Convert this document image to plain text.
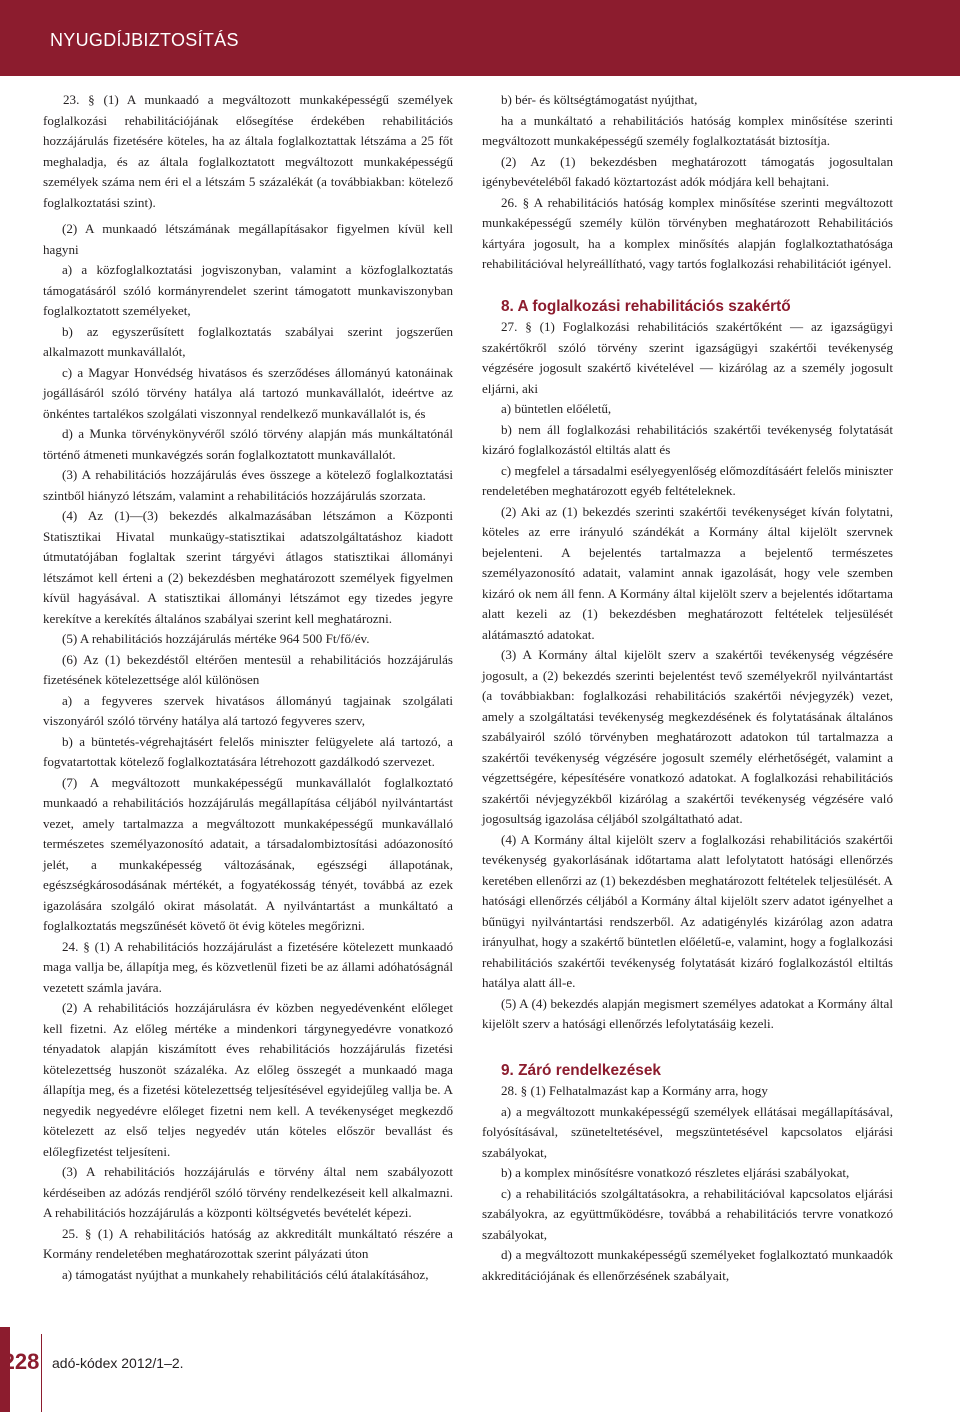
NYUGDÍJBIZTOSÍTÁS

23. § (1) A munkaadó a megváltozott munkaképességű személyek foglalkozási rehabilitációjának elősegítése érdekében rehabilitációs hozzájárulás fizetésére köteles, ha az általa foglalkoztattak létszáma a 25 főt meghaladja, és az általa foglalkoztatott megváltozott munkaképességű személyek száma nem éri el a létszám 5 százalékát (a továbbiakban: kötelező foglalkoztatási szint).

(2) A munkaadó létszámának megállapításakor figyelmen kívül kell hagyni

a) a közfoglalkoztatási jogviszonyban, valamint a közfoglalkoztatás támogatásáról szóló kormányrendelet szerint támogatott munkaviszonyban foglalkoztatott személyeket,

b) az egyszerűsített foglalkoztatás szabályai szerint jogszerűen alkalmazott munkavállalót,

c) a Magyar Honvédség hivatásos és szerződéses állományú katonáinak jogállásáról szóló törvény hatálya alá tartozó munkavállalót, ideértve az önkéntes tartalékos szolgálati viszonnyal rendelkező munkavállalót is, és

d) a Munka törvénykönyvéről szóló törvény alapján más munkáltatónál történő átmeneti munkavégzés során foglalkoztatott munkavállalót.

(3) A rehabilitációs hozzájárulás éves összege a kötelező foglalkoztatási szintből hiányzó létszám, valamint a rehabilitációs hozzájárulás szorzata.

(4) Az (1)—(3) bekezdés alkalmazásában létszámon a Központi Statisztikai Hivatal munkaügy-statisztikai adatszolgáltatáshoz kiadott útmutatójában foglaltak szerint tárgyévi átlagos statisztikai állományi létszámot kell érteni a (2) bekezdésben meghatározott személyek figyelmen kívül hagyásával. A statisztikai állományi létszámot egy tizedes jegyre kerekítve a kerekítés általános szabályai szerint kell meghatározni.

(5) A rehabilitációs hozzájárulás mértéke 964 500 Ft/fő/év.

(6) Az (1) bekezdéstől eltérően mentesül a rehabilitációs hozzájárulás fizetésének kötelezettsége alól különösen

a) a fegyveres szervek hivatásos állományú tagjainak szolgálati viszonyáról szóló törvény hatálya alá tartozó fegyveres szerv,

b) a büntetés-végrehajtásért felelős miniszter felügyelete alá tartozó, a fogvatartottak kötelező foglalkoztatására létrehozott gazdálkodó szervezet.

(7) A megváltozott munkaképességű munkavállalót foglalkoztató munkaadó a rehabilitációs hozzájárulás megállapítása céljából nyilvántartást vezet, amely tartalmazza a megváltozott munkaképességű munkavállaló természetes személyazonosító adatait, a társadalombiztosítási adóazonosító jelét, a munkaképesség változásának, egészségi állapotának, egészségkárosodásának mértékét, a fogyatékosság tényét, továbbá az ezek igazolására szolgáló okirat másolatát. A nyilvántartást a munkáltató a foglalkoztatás megszűnését követő öt évig köteles megőrizni.

24. § (1) A rehabilitációs hozzájárulást a fizetésére kötelezett munkaadó maga vallja be, állapítja meg, és közvetlenül fizeti be az állami adóhatóságnál vezetett számla javára.

(2) A rehabilitációs hozzájárulásra év közben negyedévenként előleget kell fizetni. Az előleg mértéke a mindenkori tárgynegyedévre vonatkozó tényadatok alapján kiszámított éves rehabilitációs hozzájárulás fizetési kötelezettség huszonöt százaléka. Az előleg összegét a munkaadó maga állapítja meg, és a fizetési kötelezettség teljesítésével egyidejűleg vallja be. A negyedik negyedévre előleget fizetni nem kell. A tevékenységet megkezdő kötelezett az első teljes negyedév után köteles először bevallást és előlegfizetést teljesíteni.

(3) A rehabilitációs hozzájárulás e törvény által nem szabályozott kérdéseiben az adózás rendjéről szóló törvény rendelkezéseit kell alkalmazni. A rehabilitációs hozzájárulás a központi költségvetés bevételét képezi.

25. § (1) A rehabilitációs hatóság az akkreditált munkáltató részére a Kormány rendeletében meghatározottak szerint pályázati úton

a) támogatást nyújthat a munkahely rehabilitációs célú átalakításához,

b) bér- és költségtámogatást nyújthat,

ha a munkáltató a rehabilitációs hatóság komplex minősítése szerinti megváltozott munkaképességű személy foglalkoztatását biztosítja.

(2) Az (1) bekezdésben meghatározott támogatás jogosultalan igénybevételéből fakadó köztartozást adók módjára kell behajtani.

26. § A rehabilitációs hatóság komplex minősítése szerinti megváltozott munkaképességű személy külön törvényben meghatározott Rehabilitációs kártyára jogosult, ha a komplex minősítés alapján foglalkoztathatósága rehabilitációval helyreállítható, vagy tartós foglalkozási rehabilitációt igényel.

8. A foglalkozási rehabilitációs szakértő

27. § (1) Foglalkozási rehabilitációs szakértőként — az igazságügyi szakértőkről szóló törvény szerint igazságügyi szakértői tevékenység végzésére jogosult szakértő kivételével — kizárólag az a személy jogosult eljárni, aki

a) büntetlen előéletű,

b) nem áll foglalkozási rehabilitációs szakértői tevékenység folytatását kizáró foglalkozástól eltiltás alatt és

c) megfelel a társadalmi esélyegyenlőség előmozdításáért felelős miniszter rendeletében meghatározott egyéb feltételeknek.

(2) Aki az (1) bekezdés szerinti szakértői tevékenységet kíván folytatni, köteles az erre irányuló szándékát a Kormány által kijelölt szervnek bejelenteni. A bejelentés tartalmazza a bejelentő természetes személyazonosító adatait, valamint annak igazolását, hogy vele szemben kizáró ok nem áll fenn. A Kormány által kijelölt szerv a bejelentés időtartama alatt kezeli az (1) bekezdésben meghatározott feltételek teljesülését alátámasztó adatokat.

(3) A Kormány által kijelölt szerv a szakértői tevékenység végzésére jogosult, a (2) bekezdés szerinti bejelentést tevő személyekről nyilvántartást (a továbbiakban: foglalkozási rehabilitációs szakértői névjegyzék) vezet, amely a szolgáltatási tevékenység megkezdésének és folytatásának általános szabályairól szóló törvényben meghatározott adatokon túl tartalmazza a szakértői tevékenység végzésére jogosult személy elérhetőségét, valamint a végzettségére, képesítésére vonatkozó adatokat. A foglalkozási rehabilitációs szakértői névjegyzékből kizárólag a szakértői tevékenység végzésére való jogosultság igazolása céljából szolgáltatható adat.

(4) A Kormány által kijelölt szerv a foglalkozási rehabilitációs szakértői tevékenység gyakorlásának időtartama alatt lefolytatott hatósági ellenőrzés keretében ellenőrzi az (1) bekezdésben meghatározott feltételek teljesülését. A hatósági ellenőrzés céljából a Kormány által kijelölt szerv adatot igényelhet a bűnügyi nyilvántartási rendszerből. Az adatigénylés kizárólag azon adatra irányulhat, hogy a szakértő büntetlen előéletű-e, valamint, hogy a foglalkozási rehabilitációs szakértői tevékenység folytatását kizáró foglalkozástól eltiltás hatálya alatt áll-e.

(5) A (4) bekezdés alapján megismert személyes adatokat a Kormány által kijelölt szerv a hatósági ellenőrzés lefolytatásáig kezeli.

9. Záró rendelkezések

28. § (1) Felhatalmazást kap a Kormány arra, hogy

a) a megváltozott munkaképességű személyek ellátásai megállapításával, folyósításával, szüneteltetésével, megszüntetésével kapcsolatos eljárási szabályokat,

b) a komplex minősítésre vonatkozó részletes eljárási szabályokat,

c) a rehabilitációs szolgáltatásokra, a rehabilitációval kapcsolatos eljárási szabályokra, az együttműködésre, továbbá a rehabilitációs tervre vonatkozó szabályokat,

d) a megváltozott munkaképességű személyeket foglalkoztató munkaadók akkreditációjának és ellenőrzésének szabályait,

228 adó-kódex 2012/1–2.
